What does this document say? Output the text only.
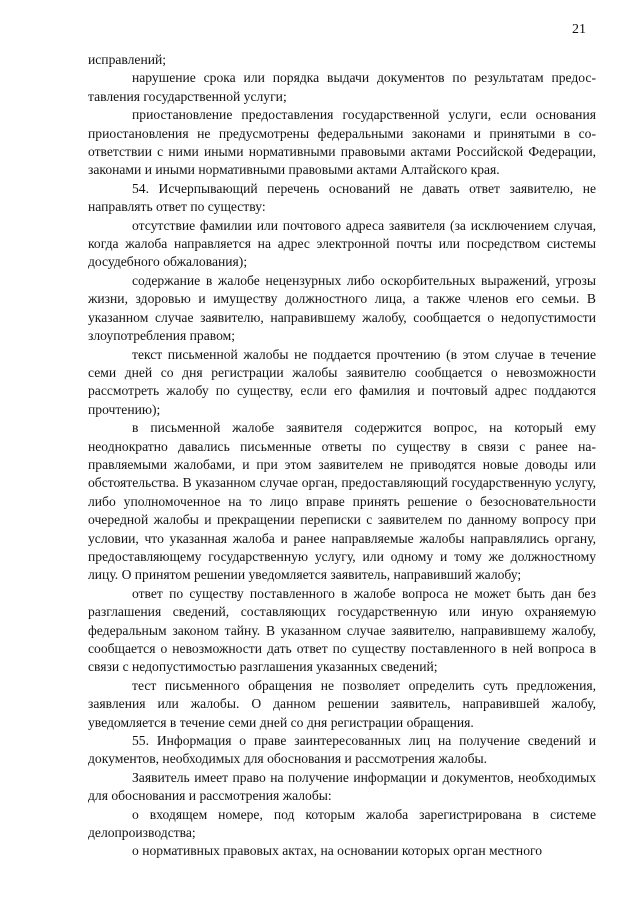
21

исправлений;

нарушение срока или порядка выдачи документов по результатам предоставления государственной услуги;

приостановление предоставления государственной услуги, если основания приостановления не предусмотрены федеральными законами и принятыми в соответствии с ними иными нормативными правовыми актами Российской Федерации, законами и иными нормативными правовыми актами Алтайского края.

54. Исчерпывающий перечень оснований не давать ответ заявителю, не направлять ответ по существу:

отсутствие фамилии или почтового адреса заявителя (за исключением случая, когда жалоба направляется на адрес электронной почты или посредством системы досудебного обжалования);

содержание в жалобе нецензурных либо оскорбительных выражений, угрозы жизни, здоровью и имуществу должностного лица, а также членов его семьи. В указанном случае заявителю, направившему жалобу, сообщается о недопустимости злоупотребления правом;

текст письменной жалобы не поддается прочтению (в этом случае в течение семи дней со дня регистрации жалобы заявителю сообщается о невозможности рассмотреть жалобу по существу, если его фамилия и почтовый адрес поддаются прочтению);

в письменной жалобе заявителя содержится вопрос, на который ему неоднократно давались письменные ответы по существу в связи с ранее направляемыми жалобами, и при этом заявителем не приводятся новые доводы или обстоятельства. В указанном случае орган, предоставляющий государственную услугу, либо уполномоченное на то лицо вправе принять решение о безосновательности очередной жалобы и прекращении переписки с заявителем по данному вопросу при условии, что указанная жалоба и ранее направляемые жалобы направлялись органу, предоставляющему государственную услугу, или одному и тому же должностному лицу. О принятом решении уведомляется заявитель, направивший жалобу;

ответ по существу поставленного в жалобе вопроса не может быть дан без разглашения сведений, составляющих государственную или иную охраняемую федеральным законом тайну. В указанном случае заявителю, направившему жалобу, сообщается о невозможности дать ответ по существу поставленного в ней вопроса в связи с недопустимостью разглашения указанных сведений;

тест письменного обращения не позволяет определить суть предложения, заявления или жалобы. О данном решении заявитель, направившей жалобу, уведомляется в течение семи дней со дня регистрации обращения.

55. Информация о праве заинтересованных лиц на получение сведений и документов, необходимых для обоснования и рассмотрения жалобы.

Заявитель имеет право на получение информации и документов, необходимых для обоснования и рассмотрения жалобы:

о входящем номере, под которым жалоба зарегистрирована в системе делопроизводства;

о нормативных правовых актах, на основании которых орган местного
